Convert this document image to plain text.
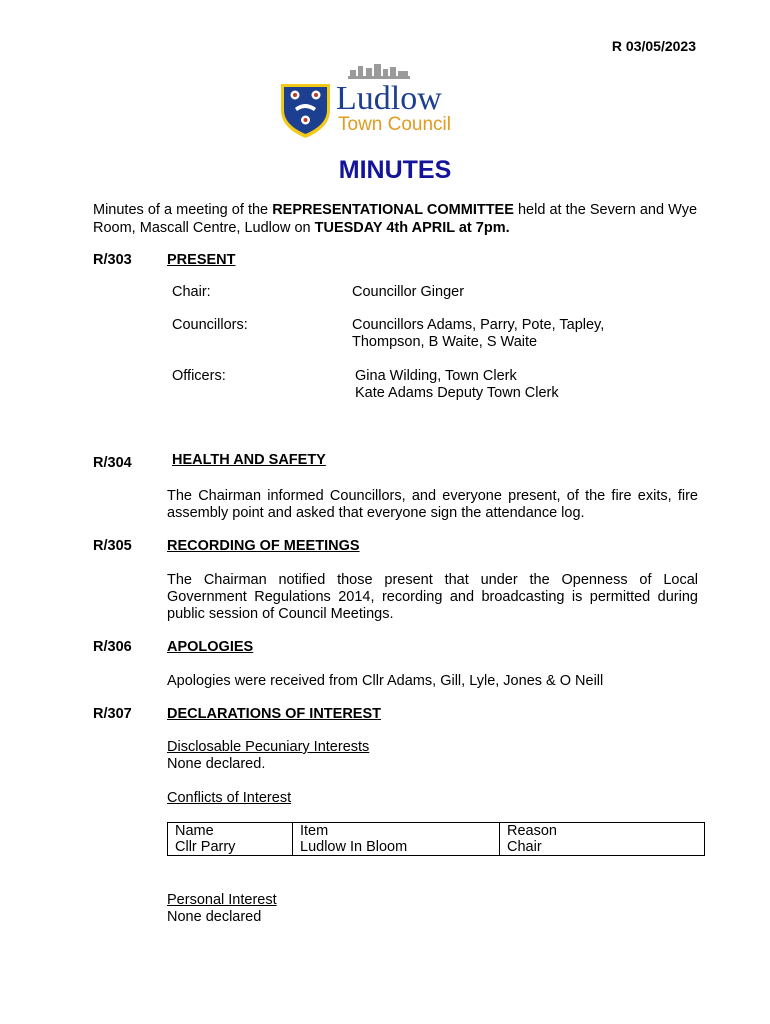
R 03/05/2023
Ludlow
Town Council
MINUTES
Minutes of a meeting of the REPRESENTATIONAL COMMITTEE held at the Severn and Wye Room, Mascall Centre, Ludlow on TUESDAY 4th APRIL at 7pm.
R/303 PRESENT
Chair:	Councillor Ginger
Councillors:	Councillors Adams, Parry, Pote, Tapley,
Thompson, B Waite, S Waite
Officers:	Gina Wilding, Town Clerk
Kate Adams Deputy Town Clerk
R/304	HEALTH AND SAFETY
The Chairman informed Councillors, and everyone present, of the fire exits, fire assembly point and asked that everyone sign the attendance log.
R/305 RECORDING OF MEETINGS
The Chairman notified those present that under the Openness of Local Government Regulations 2014, recording and broadcasting is permitted during public session of Council Meetings.
R/306 APOLOGIES
Apologies were received from Cllr Adams, Gill, Lyle, Jones & O Neill
R/307 DECLARATIONS OF INTEREST
Disclosable Pecuniary Interests
None declared.
Conflicts of Interest
Name	Item	Reason
Cllr Parry	Ludlow In Bloom	Chair
Personal Interest
None declared
